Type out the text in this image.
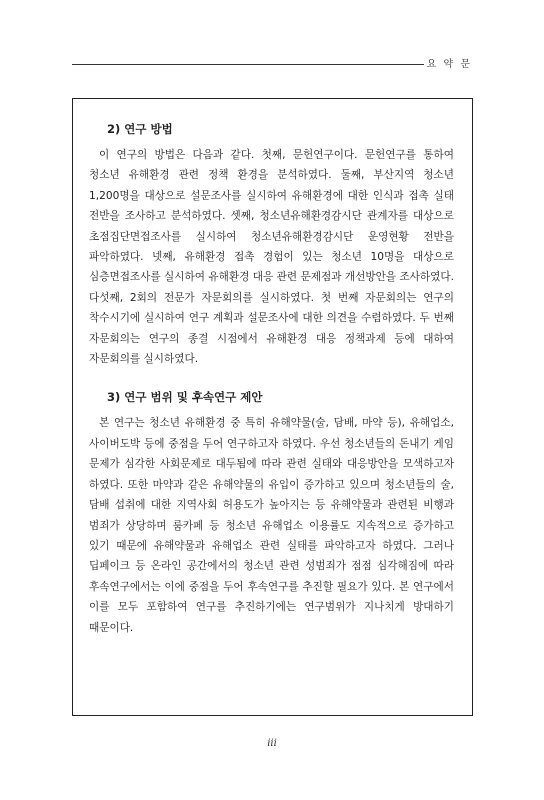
요 약 문
2) 연구 방법

이 연구의 방법은 다음과 같다. 첫째, 문헌연구이다. 문헌연구를 통하여 청소년 유해환경 관련 정책 환경을 분석하였다. 둘째, 부산지역 청소년 1,200명을 대상으로 설문조사를 실시하여 유해환경에 대한 인식과 접촉 실태 전반을 조사하고 분석하였다. 셋째, 청소년유해환경감시단 관계자를 대상으로 초점집단면접조사를 실시하여 청소년유해환경감시단 운영현황 전반을 파악하였다. 넷째, 유해환경 접촉 경험이 있는 청소년 10명을 대상으로 심층면접조사를 실시하여 유해환경 대응 관련 문제점과 개선방안을 조사하였다. 다섯째, 2회의 전문가 자문회의를 실시하였다. 첫 번째 자문회의는 연구의 착수시기에 실시하여 연구 계획과 설문조사에 대한 의견을 수렴하였다. 두 번째 자문회의는 연구의 종결 시점에서 유해환경 대응 정책과제 등에 대하여 자문회의를 실시하였다.

3) 연구 범위 및 후속연구 제안

본 연구는 청소년 유해환경 중 특히 유해약물(술, 담배, 마약 등), 유해업소, 사이버도박 등에 중점을 두어 연구하고자 하였다. 우선 청소년들의 돈내기 게임 문제가 심각한 사회문제로 대두됨에 따라 관련 실태와 대응방안을 모색하고자 하였다. 또한 마약과 같은 유해약물의 유입이 증가하고 있으며 청소년들의 술, 담배 섭취에 대한 지역사회 허용도가 높아지는 등 유해약물과 관련된 비행과 범죄가 상당하며 룸카페 등 청소년 유해업소 이용률도 지속적으로 증가하고 있기 때문에 유해약물과 유해업소 관련 실태를 파악하고자 하였다. 그러나 딥페이크 등 온라인 공간에서의 청소년 관련 성범죄가 점점 심각해짐에 따라 후속연구에서는 이에 중점을 두어 후속연구를 추진할 필요가 있다. 본 연구에서 이를 모두 포함하여 연구를 추진하기에는 연구범위가 지나치게 방대하기 때문이다.

iii
